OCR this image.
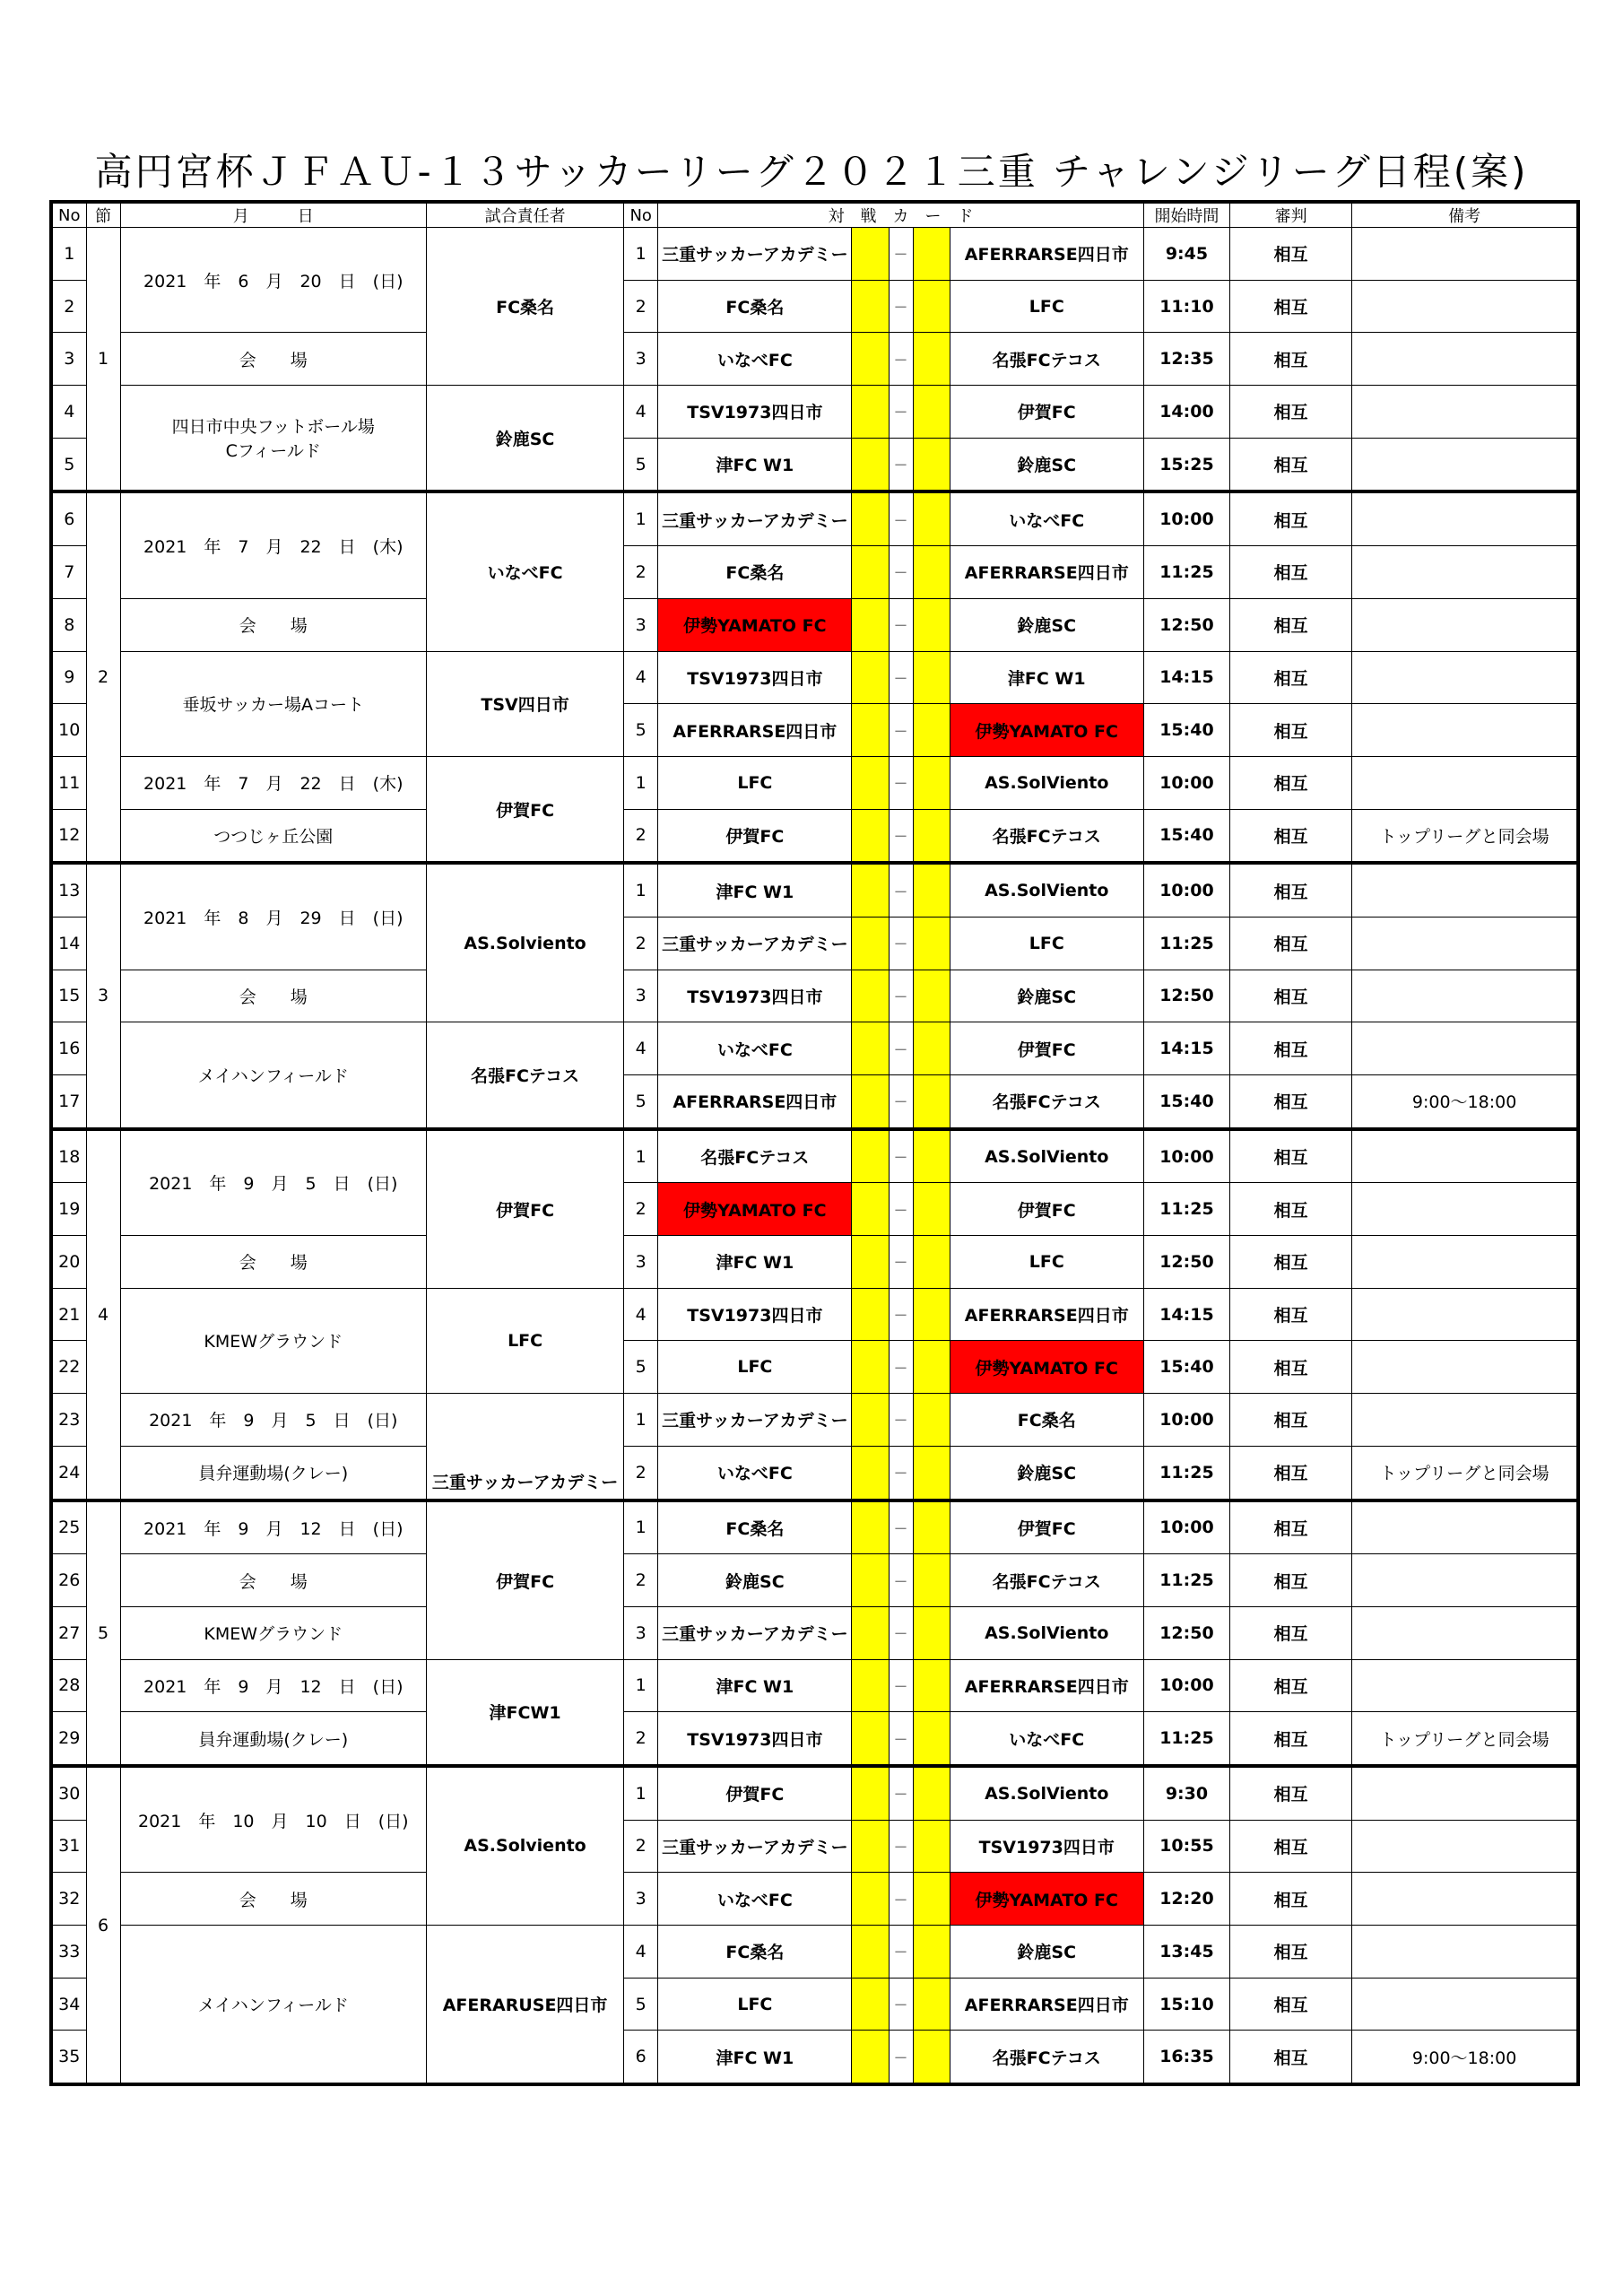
高円宮杯ＪＦＡＵ-１３サッカーリーグ２０２１三重 チャレンジリーグ日程(案)
No	節	月　　　日	試合責任者	No	対　戦　カ　ー　ド					開始時間	審判	備考
1	1	2021　年　6　月　20　日　(日)	FC桑名	1	三重サッカーアカデミー		－		AFERRARSE四日市	9:45	相互	
2				2	FC桑名		－		LFC	11:10	相互	
3		会　　場		3	いなべFC		－		名張FCテコス	12:35	相互	
4		四日市中央フットボール場
Cフィールド	鈴鹿SC	4	TSV1973四日市		－		伊賀FC	14:00	相互	
5				5	津FC W1		－		鈴鹿SC	15:25	相互	
6	2	2021　年　7　月　22　日　(木)	いなべFC	1	三重サッカーアカデミー		－		いなべFC	10:00	相互	
7				2	FC桑名		－		AFERRARSE四日市	11:25	相互	
8		会　　場		3	伊勢YAMATO FC		－		鈴鹿SC	12:50	相互	
9		垂坂サッカー場Aコート	TSV四日市	4	TSV1973四日市		－		津FC W1	14:15	相互	
10				5	AFERRARSE四日市		－		伊勢YAMATO FC	15:40	相互	
11		2021　年　7　月　22　日　(木)	伊賀FC	1	LFC		－		AS.SolViento	10:00	相互	
12		つつじヶ丘公園		2	伊賀FC		－		名張FCテコス	15:40	相互	トップリーグと同会場
13	3	2021　年　8　月　29　日　(日)	AS.Solviento	1	津FC W1		－		AS.SolViento	10:00	相互	
14				2	三重サッカーアカデミー		－		LFC	11:25	相互	
15		会　　場		3	TSV1973四日市		－		鈴鹿SC	12:50	相互	
16		メイハンフィールド	名張FCテコス	4	いなべFC		－		伊賀FC	14:15	相互	
17				5	AFERRARSE四日市		－		名張FCテコス	15:40	相互	9:00～18:00
18	4	2021　年　9　月　5　日　(日)	伊賀FC	1	名張FCテコス		－		AS.SolViento	10:00	相互	
19				2	伊勢YAMATO FC		－		伊賀FC	11:25	相互	
20		会　　場		3	津FC W1		－		LFC	12:50	相互	
21		KMEWグラウンド	LFC	4	TSV1973四日市		－		AFERRARSE四日市	14:15	相互	
22				5	LFC		－		伊勢YAMATO FC	15:40	相互	
23		2021　年　9　月　5　日　(日)	三重サッカーアカデミー	1	三重サッカーアカデミー		－		FC桑名	10:00	相互	
24		員弁運動場(クレー)		2	いなべFC		－		鈴鹿SC	11:25	相互	トップリーグと同会場
25	5	2021　年　9　月　12　日　(日)	伊賀FC	1	FC桑名		－		伊賀FC	10:00	相互	
26		会　　場		2	鈴鹿SC		－		名張FCテコス	11:25	相互	
27		KMEWグラウンド		3	三重サッカーアカデミー		－		AS.SolViento	12:50	相互	
28		2021　年　9　月　12　日　(日)	津FCW1	1	津FC W1		－		AFERRARSE四日市	10:00	相互	
29		員弁運動場(クレー)		2	TSV1973四日市		－		いなべFC	11:25	相互	トップリーグと同会場
30	6	2021　年　10　月　10　日　(日)	AS.Solviento	1	伊賀FC		－		AS.SolViento	9:30	相互	
31				2	三重サッカーアカデミー		－		TSV1973四日市	10:55	相互	
32		会　　場		3	いなべFC		－		伊勢YAMATO FC	12:20	相互	
33		メイハンフィールド	AFERARUSE四日市	4	FC桑名		－		鈴鹿SC	13:45	相互	
34				5	LFC		－		AFERRARSE四日市	15:10	相互	
35				6	津FC W1		－		名張FCテコス	16:35	相互	9:00～18:00
